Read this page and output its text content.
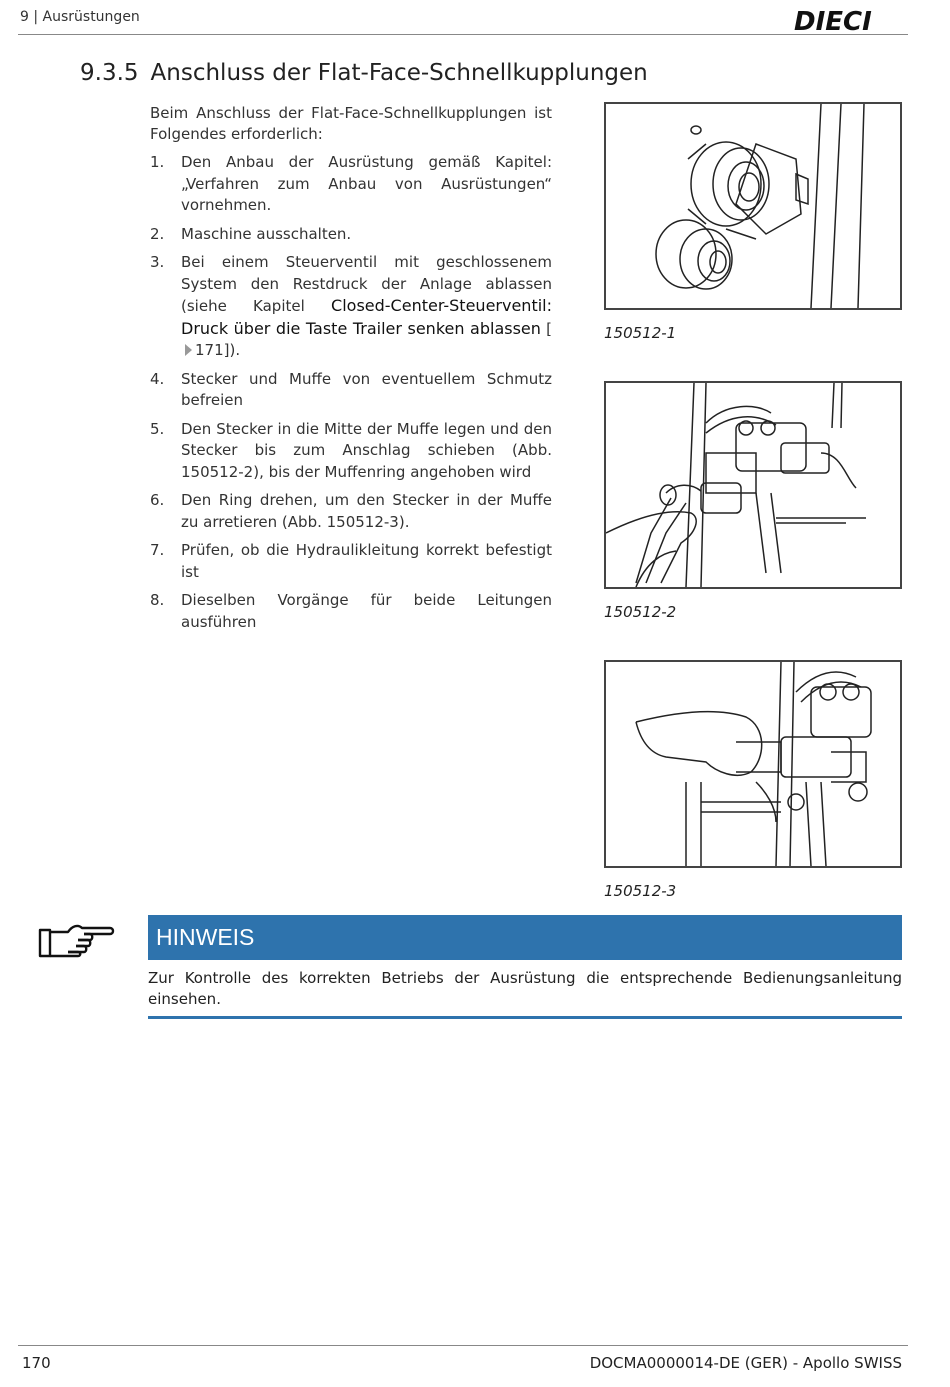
9 | Ausrüstungen	DIECI
9.3.5 Anschluss der Flat-Face-Schnellkupplungen
Beim Anschluss der Flat-Face-Schnellkupplungen ist Folgendes erforderlich:
1. Den Anbau der Ausrüstung gemäß Kapitel: „Verfahren zum Anbau von Ausrüstungen“ vornehmen.
2. Maschine ausschalten.
3. Bei einem Steuerventil mit geschlossenem System den Restdruck der Anlage ablassen (siehe Kapitel Closed-Center-Steuerventil: Druck über die Taste Trailer senken ablassen [171]).
4. Stecker und Muffe von eventuellem Schmutz befreien
5. Den Stecker in die Mitte der Muffe legen und den Stecker bis zum Anschlag schieben (Abb. 150512-2), bis der Muffenring angehoben wird
6. Den Ring drehen, um den Stecker in der Muffe zu arretieren (Abb. 150512-3).
7. Prüfen, ob die Hydraulikleitung korrekt befestigt ist
8. Dieselben Vorgänge für beide Leitungen ausführen
150512-1
150512-2
150512-3
HINWEIS
Zur Kontrolle des korrekten Betriebs der Ausrüstung die entsprechende Bedienungsanleitung einsehen.
170	DOCMA0000014-DE (GER) - Apollo SWISS
